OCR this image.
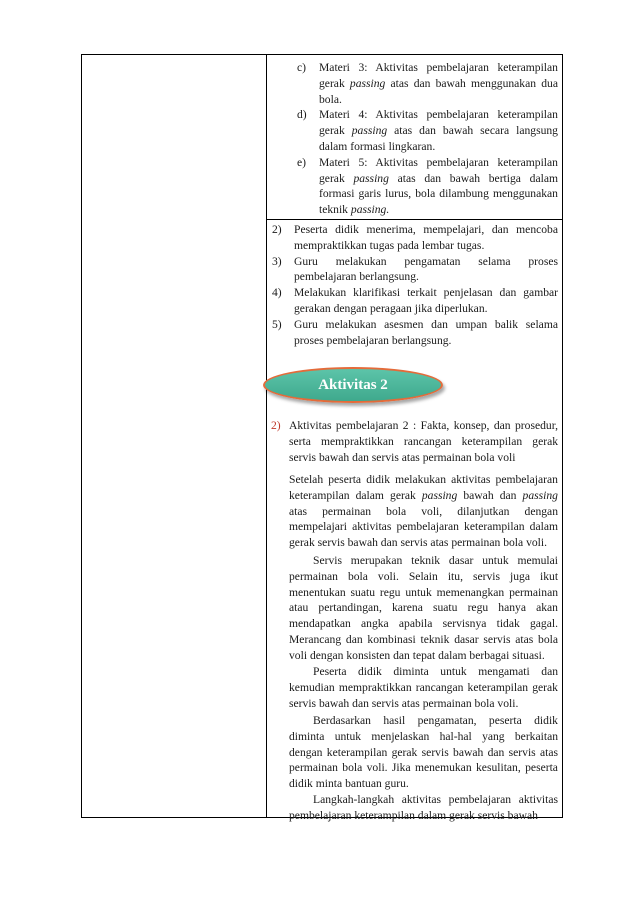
c) Materi 3: Aktivitas pembelajaran keterampilan
gerak passing atas dan bawah menggunakan dua
bola.
d) Materi 4: Aktivitas pembelajaran keterampilan
gerak passing atas dan bawah secara langsung
dalam formasi lingkaran.
e) Materi 5: Aktivitas pembelajaran keterampilan
gerak passing atas dan bawah bertiga dalam
formasi garis lurus, bola dilambung menggunakan
teknik passing.
2) Peserta didik menerima, mempelajari, dan mencoba
mempraktikkan tugas pada lembar tugas.
3) Guru melakukan pengamatan selama proses
pembelajaran berlangsung.
4) Melakukan klarifikasi terkait penjelasan dan gambar
gerakan dengan peragaan jika diperlukan.
5) Guru melakukan asesmen dan umpan balik selama
proses pembelajaran berlangsung.
2) Aktivitas pembelajaran 2 : Fakta, konsep, dan prosedur,
serta mempraktikkan rancangan keterampilan gerak
servis bawah dan servis atas permainan bola voli
Setelah peserta didik melakukan aktivitas pembelajaran
keterampilan dalam gerak passing bawah dan passing
atas permainan bola voli, dilanjutkan dengan
mempelajari aktivitas pembelajaran keterampilan dalam
gerak servis bawah dan servis atas permainan bola voli.
Servis merupakan teknik dasar untuk memulai
permainan bola voli. Selain itu, servis juga ikut
menentukan suatu regu untuk memenangkan permainan
atau pertandingan, karena suatu regu hanya akan
mendapatkan angka apabila servisnya tidak gagal.
Merancang dan kombinasi teknik dasar servis atas bola
voli dengan konsisten dan tepat dalam berbagai situasi.
Peserta didik diminta untuk mengamati dan
kemudian mempraktikkan rancangan keterampilan gerak
servis bawah dan servis atas permainan bola voli.
Berdasarkan hasil pengamatan, peserta didik
diminta untuk menjelaskan hal-hal yang berkaitan
dengan keterampilan gerak servis bawah dan servis atas
permainan bola voli. Jika menemukan kesulitan, peserta
didik minta bantuan guru.
Langkah-langkah aktivitas pembelajaran aktivitas
pembelajaran keterampilan dalam gerak servis bawah
Aktivitas 2
